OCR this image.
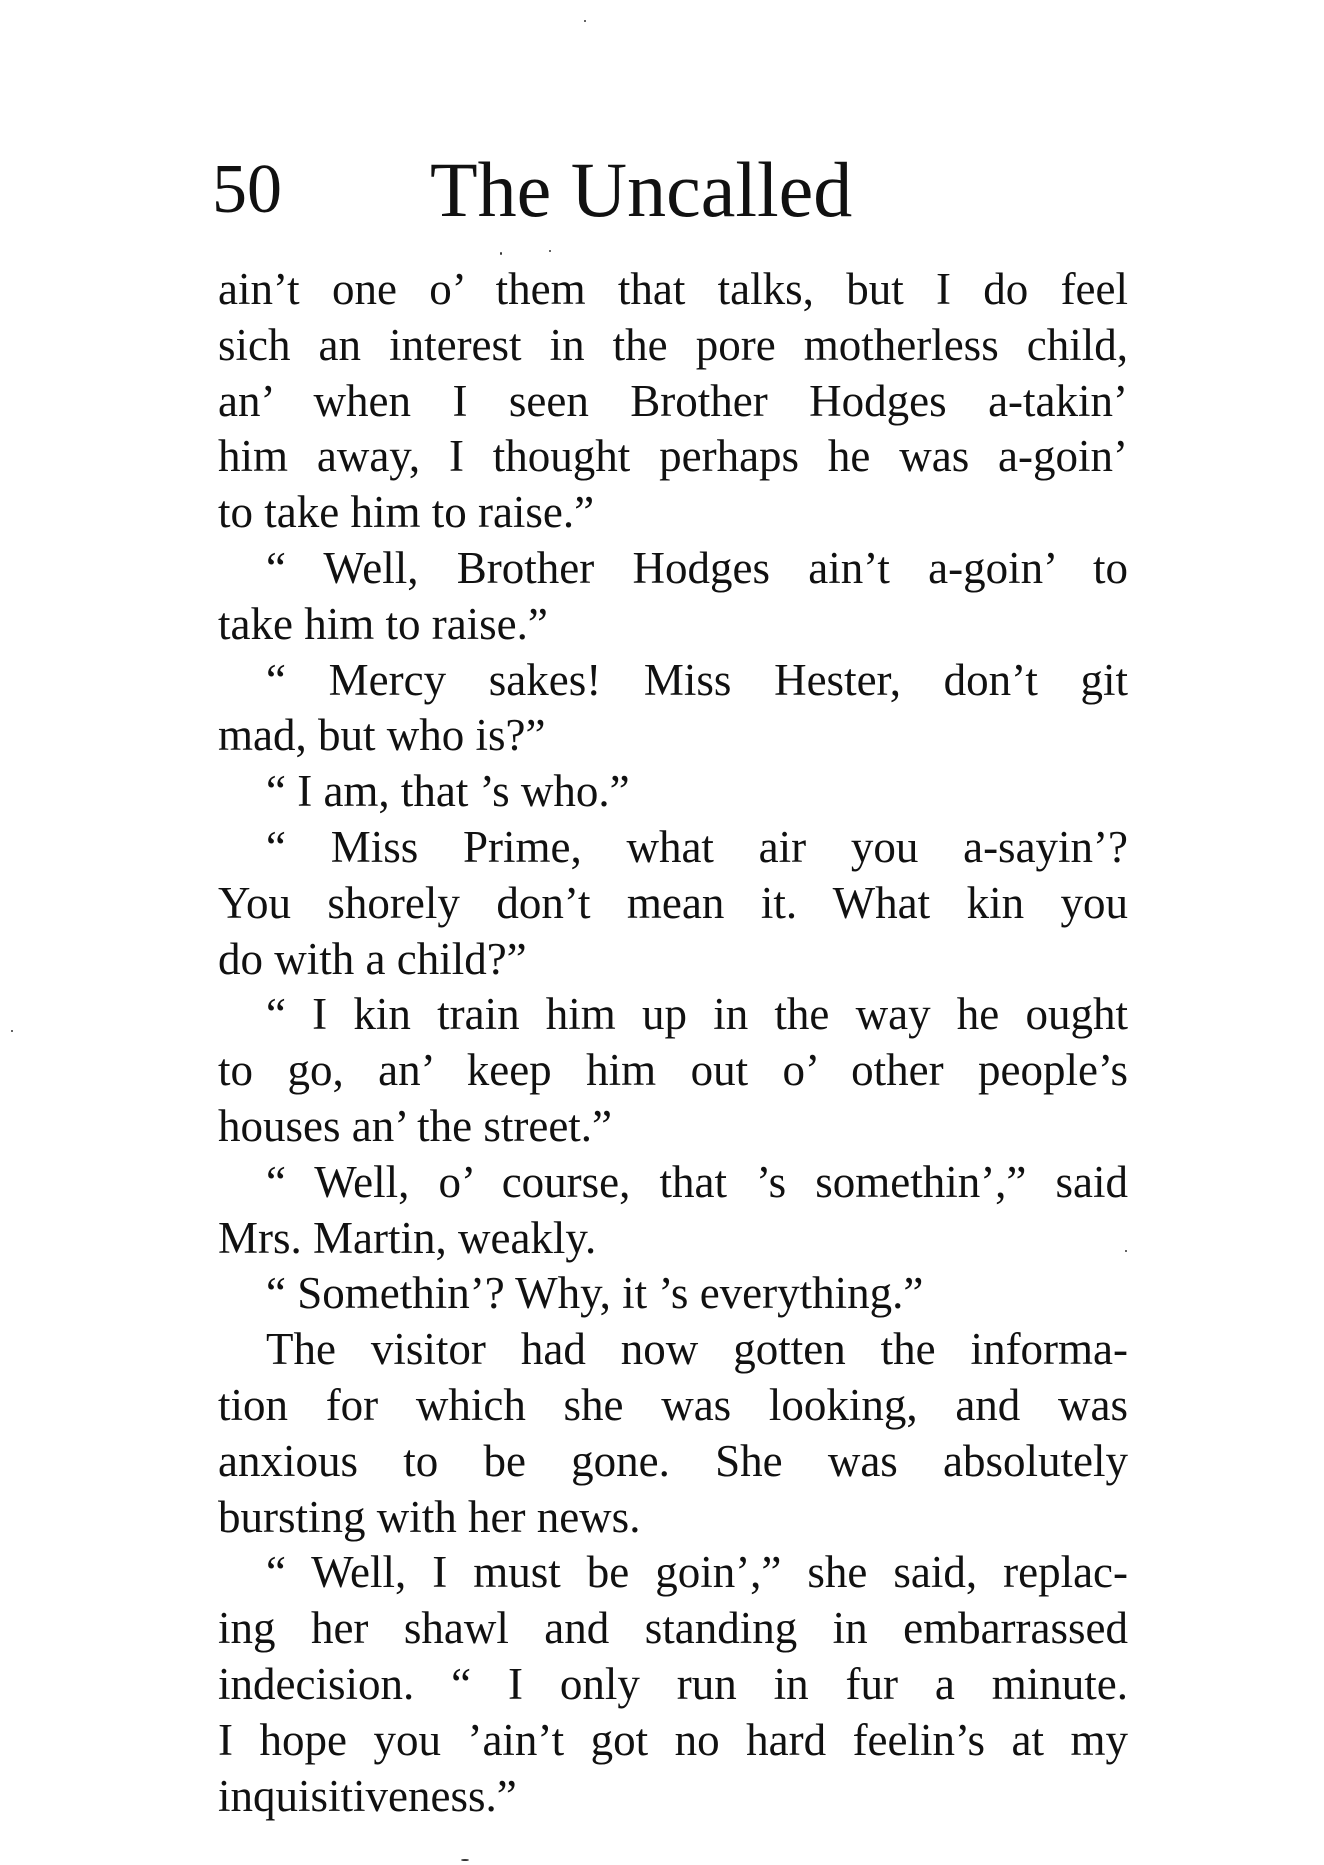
50 The Uncalled
ain’t one o’ them that talks, but I do feel
sich an interest in the pore motherless child,
an’ when I seen Brother Hodges a-takin’
him away, I thought perhaps he was a-goin’
to take him to raise.”
“ Well, Brother Hodges ain’t a-goin’ to
take him to raise.”
“ Mercy sakes! Miss Hester, don’t git
mad, but who is?”
“ I am, that ’s who.”
“ Miss Prime, what air you a-sayin’?
You shorely don’t mean it. What kin you
do with a child?”
“ I kin train him up in the way he ought
to go, an’ keep him out o’ other people’s
houses an’ the street.”
“ Well, o’ course, that ’s somethin’,” said
Mrs. Martin, weakly.
“ Somethin’? Why, it ’s everything.”
The visitor had now gotten the informa-
tion for which she was looking, and was
anxious to be gone. She was absolutely
bursting with her news.
“ Well, I must be goin’,” she said, replac-
ing her shawl and standing in embarrassed
indecision. “ I only run in fur a minute.
I hope you ’ain’t got no hard feelin’s at my
inquisitiveness.”
